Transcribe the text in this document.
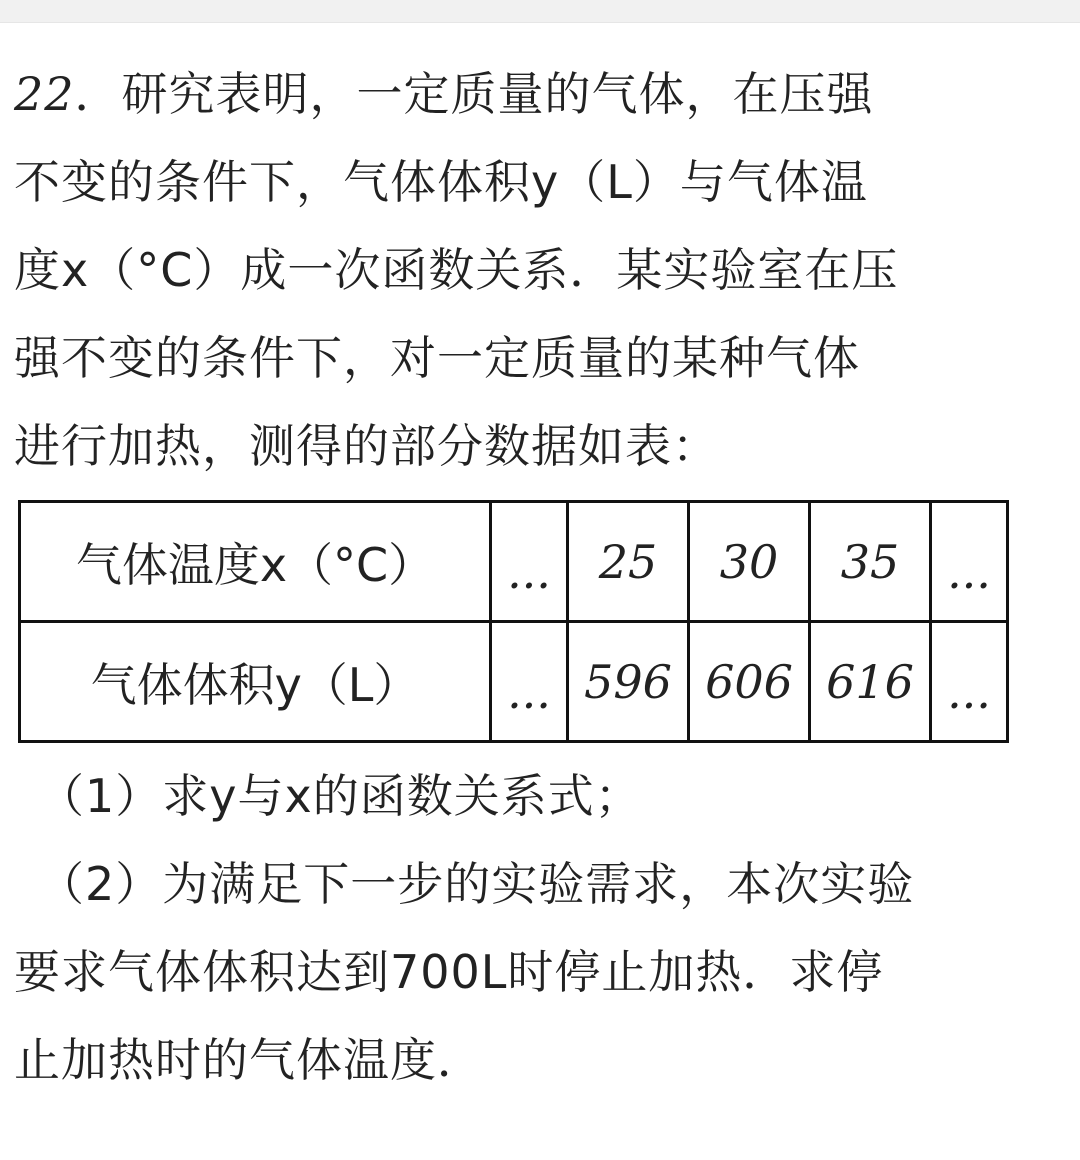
22．研究表明，一定质量的气体，在压强
不变的条件下，气体体积y（L）与气体温
度x（°C）成一次函数关系．某实验室在压
强不变的条件下，对一定质量的某种气体
进行加热，测得的部分数据如表：
气体温度x（°C）	...	25	30	35	...
气体体积y（L）	...	596	606	616	...
（1）求y与x的函数关系式；
（2）为满足下一步的实验需求，本次实验
要求气体体积达到700L时停止加热．求停
止加热时的气体温度．
